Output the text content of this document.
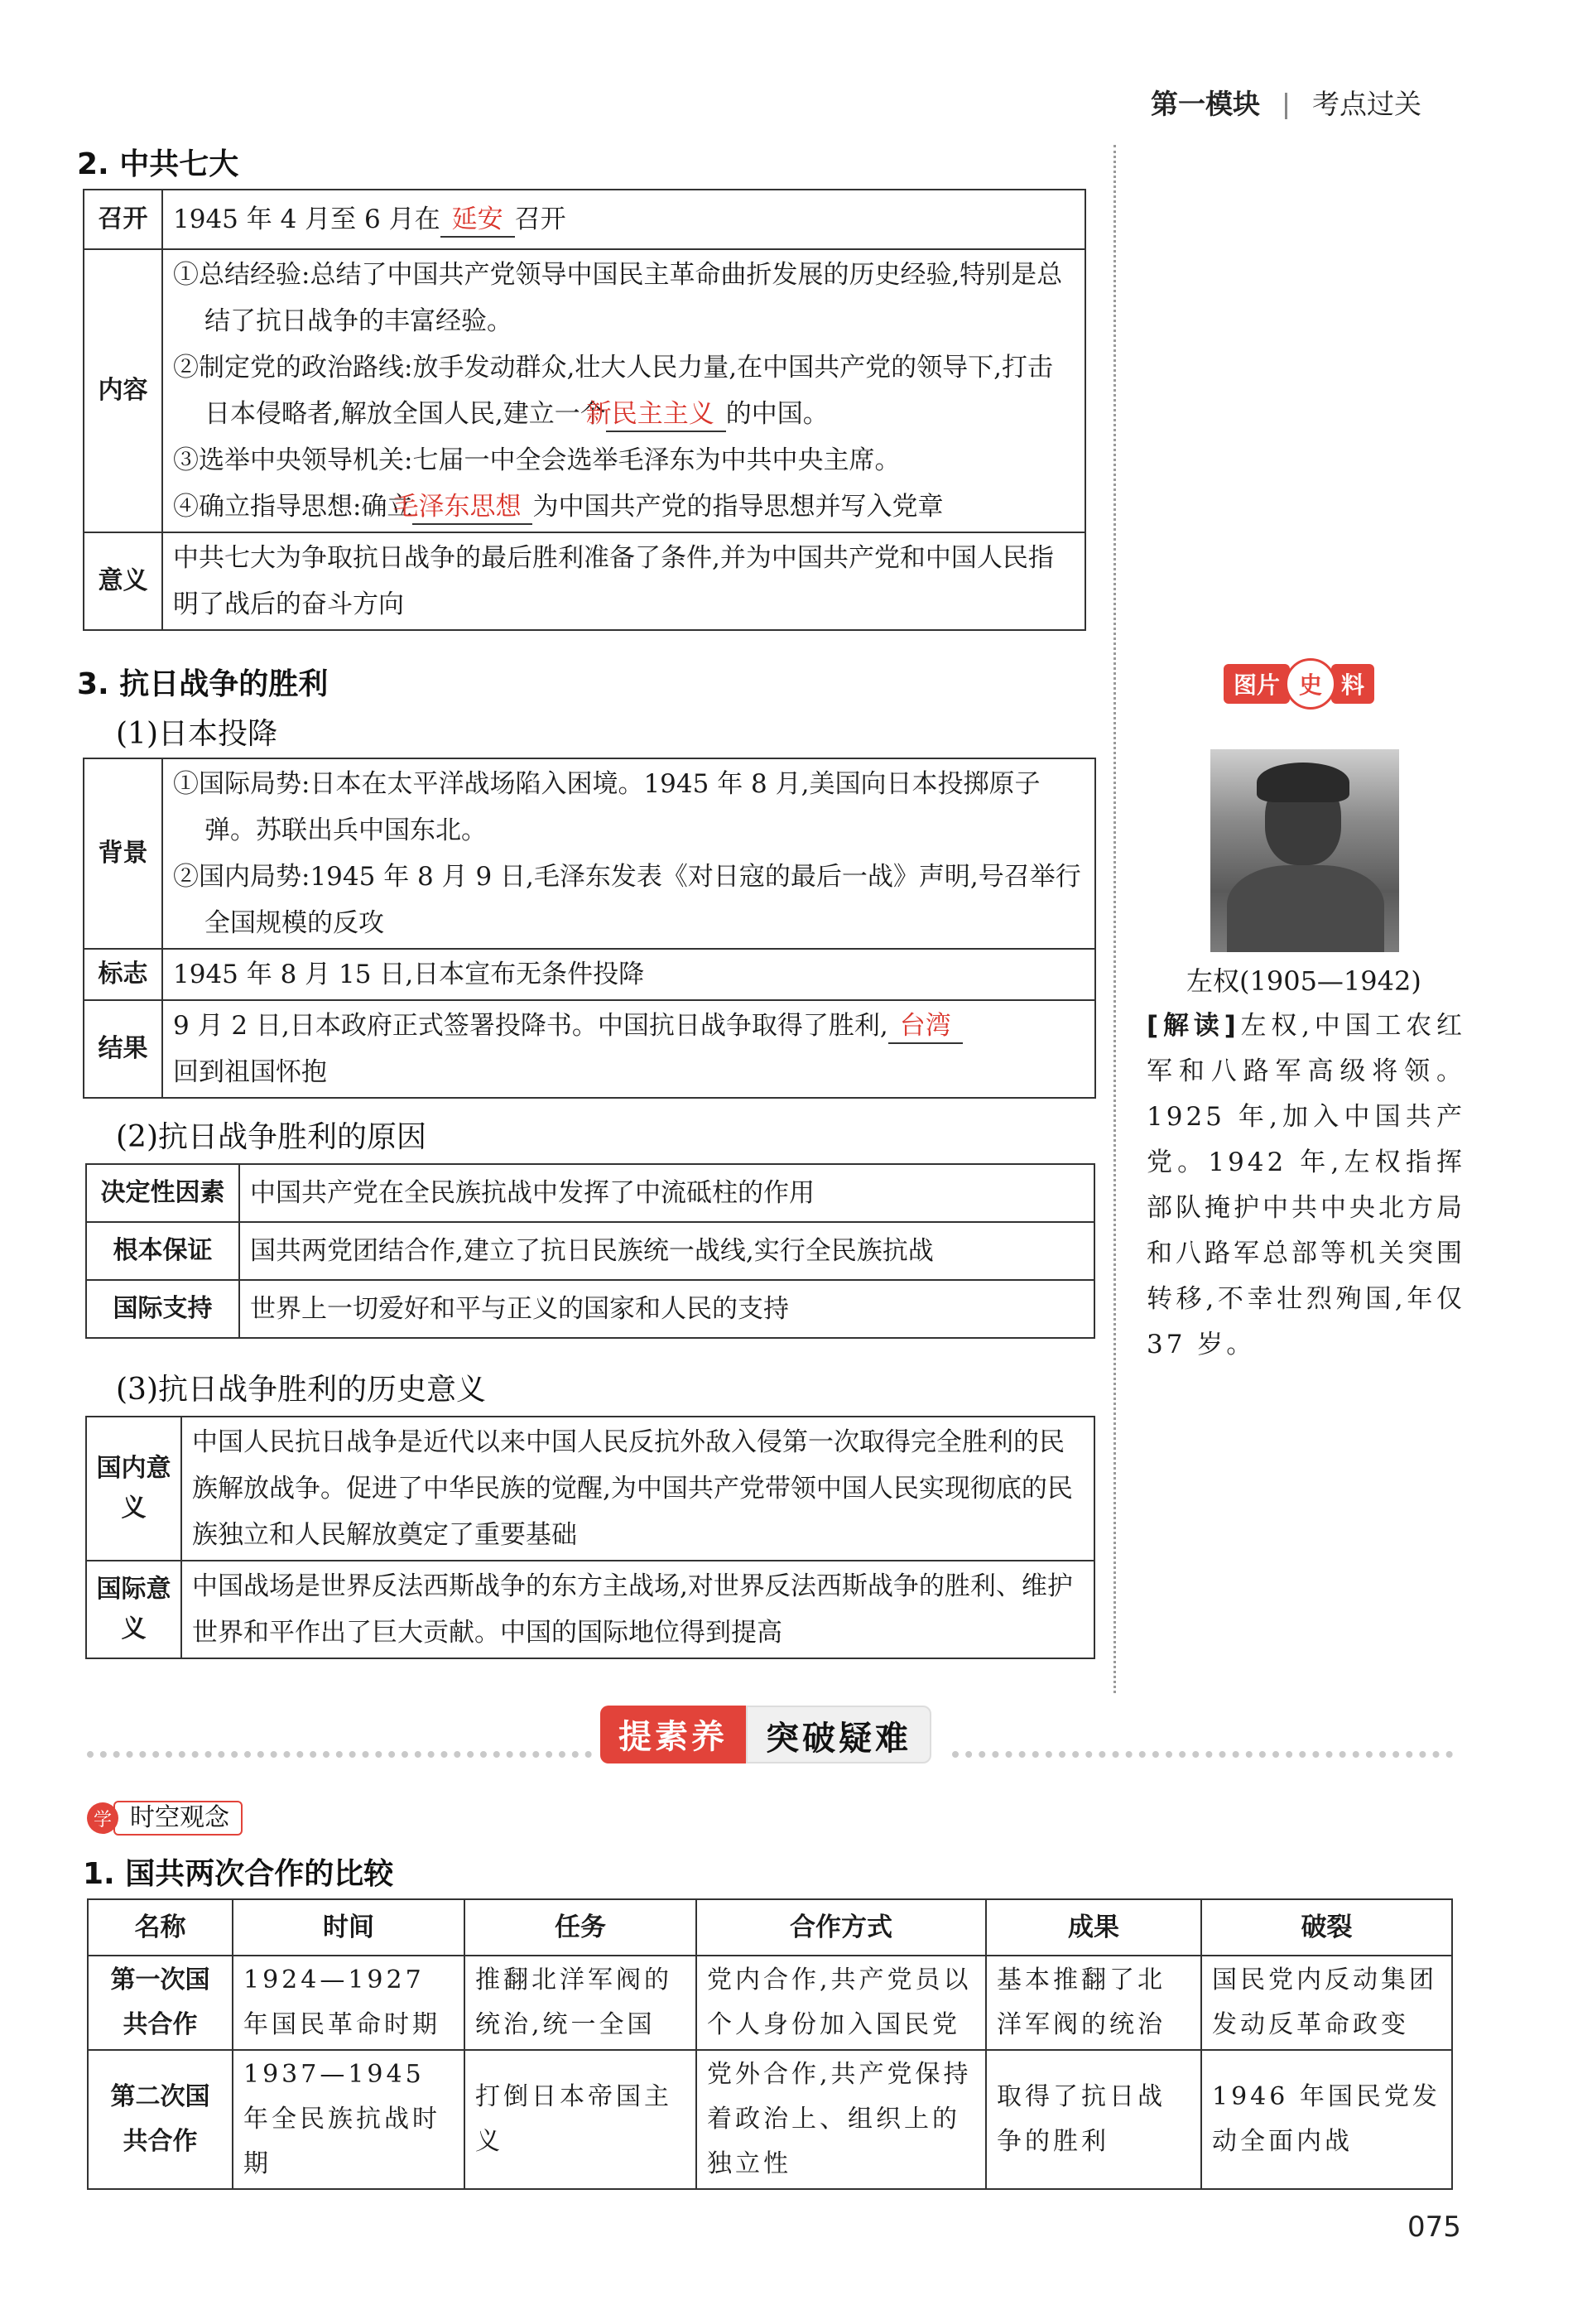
第一模块 考点过关
2. 中共七大
召开	1945 年 4 月至 6 月在 延安 召开
内容	①总结经验:总结了中国共产党领导中国民主革命曲折发展的历史经验,特别是总结了抗日战争的丰富经验。
②制定党的政治路线:放手发动群众,壮大人民力量,在中国共产党的领导下,打击日本侵略者,解放全国人民,建立一个新民主主义 的中国。
③选举中央领导机关:七届一中全会选举毛泽东为中共中央主席。
④确立指导思想:确立毛泽东思想 为中国共产党的指导思想并写入党章

意义	中共七大为争取抗日战争的最后胜利准备了条件,并为中国共产党和中国人民指明了战后的奋斗方向
3. 抗日战争的胜利
(1)日本投降
背景	①国际局势:日本在太平洋战场陷入困境。1945 年 8 月,美国向日本投掷原子弹。苏联出兵中国东北。
②国内局势:1945 年 8 月 9 日,毛泽东发表《对日寇的最后一战》声明,号召举行全国规模的反攻

标志	1945 年 8 月 15 日,日本宣布无条件投降
结果	9 月 2 日,日本政府正式签署投降书。中国抗日战争取得了胜利, 台湾
回到祖国怀抱
(2)抗日战争胜利的原因
决定性因素	中国共产党在全民族抗战中发挥了中流砥柱的作用
根本保证	国共两党团结合作,建立了抗日民族统一战线,实行全民族抗战
国际支持	世界上一切爱好和平与正义的国家和人民的支持
(3)抗日战争胜利的历史意义
国内意义	中国人民抗日战争是近代以来中国人民反抗外敌入侵第一次取得完全胜利的民族解放战争。促进了中华民族的觉醒,为中国共产党带领中国人民实现彻底的民族独立和人民解放奠定了重要基础
国际意义	中国战场是世界反法西斯战争的东方主战场,对世界反法西斯战争的胜利、维护世界和平作出了巨大贡献。中国的国际地位得到提高
图片 史 料
左权(1905—1942)
[解读]左权,中国工农红军和八路军高级将领。1925 年,加入中国共产党。1942 年,左权指挥部队掩护中共中央北方局和八路军总部等机关突围转移,不幸壮烈殉国,年仅 37 岁。
提素养	突破疑难
学 时空观念
1. 国共两次合作的比较
名称	时间	任务	合作方式	成果	破裂
第一次国共合作	1924—1927 年国民革命时期	推翻北洋军阀的统治,统一全国	党内合作,共产党员以个人身份加入国民党	基本推翻了北洋军阀的统治	国民党内反动集团发动反革命政变
第二次国共合作	1937—1945 年全民族抗战时期	打倒日本帝国主义	党外合作,共产党保持着政治上、组织上的独立性	取得了抗日战争的胜利	1946 年国民党发动全面内战
075
